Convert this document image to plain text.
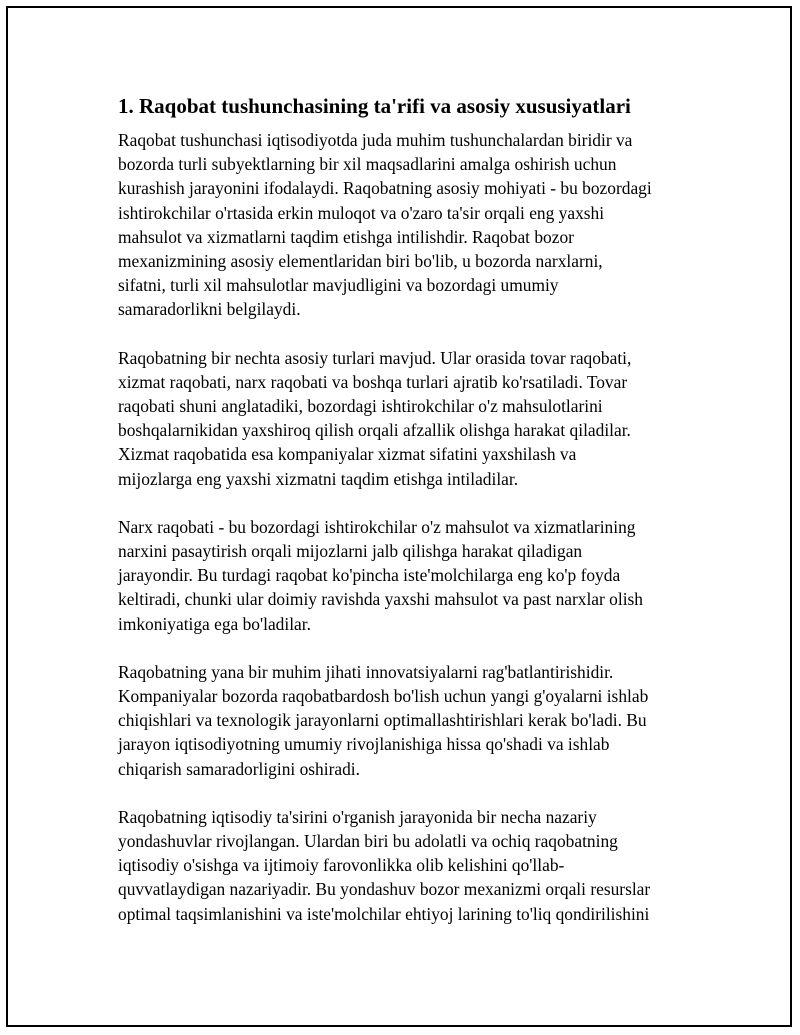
1. Raqobat tushunchasining ta'rifi va asosiy xususiyatlari

Raqobat tushunchasi iqtisodiyotda juda muhim tushunchalardan biridir va
bozorda turli subyektlarning bir xil maqsadlarini amalga oshirish uchun
kurashish jarayonini ifodalaydi. Raqobatning asosiy mohiyati - bu bozordagi
ishtirokchilar o'rtasida erkin muloqot va o'zaro ta'sir orqali eng yaxshi
mahsulot va xizmatlarni taqdim etishga intilishdir. Raqobat bozor
mexanizmining asosiy elementlaridan biri bo'lib, u bozorda narxlarni,
sifatni, turli xil mahsulotlar mavjudligini va bozordagi umumiy
samaradorlikni belgilaydi.

Raqobatning bir nechta asosiy turlari mavjud. Ular orasida tovar raqobati,
xizmat raqobati, narx raqobati va boshqa turlari ajratib ko'rsatiladi. Tovar
raqobati shuni anglatadiki, bozordagi ishtirokchilar o'z mahsulotlarini
boshqalarnikidan yaxshiroq qilish orqali afzallik olishga harakat qiladilar.
Xizmat raqobatida esa kompaniyalar xizmat sifatini yaxshilash va
mijozlarga eng yaxshi xizmatni taqdim etishga intiladilar.

Narx raqobati - bu bozordagi ishtirokchilar o'z mahsulot va xizmatlarining
narxini pasaytirish orqali mijozlarni jalb qilishga harakat qiladigan
jarayondir. Bu turdagi raqobat ko'pincha iste'molchilarga eng ko'p foyda
keltiradi, chunki ular doimiy ravishda yaxshi mahsulot va past narxlar olish
imkoniyatiga ega bo'ladilar.

Raqobatning yana bir muhim jihati innovatsiyalarni rag'batlantirishidir.
Kompaniyalar bozorda raqobatbardosh bo'lish uchun yangi g'oyalarni ishlab
chiqishlari va texnologik jarayonlarni optimallashtirishlari kerak bo'ladi. Bu
jarayon iqtisodiyotning umumiy rivojlanishiga hissa qo'shadi va ishlab
chiqarish samaradorligini oshiradi.

Raqobatning iqtisodiy ta'sirini o'rganish jarayonida bir necha nazariy
yondashuvlar rivojlangan. Ulardan biri bu adolatli va ochiq raqobatning
iqtisodiy o'sishga va ijtimoiy farovonlikka olib kelishini qo'llab-
quvvatlaydigan nazariyadir. Bu yondashuv bozor mexanizmi orqali resurslar
optimal taqsimlanishini va iste'molchilar ehtiyoj larining to'liq qondirilishini
